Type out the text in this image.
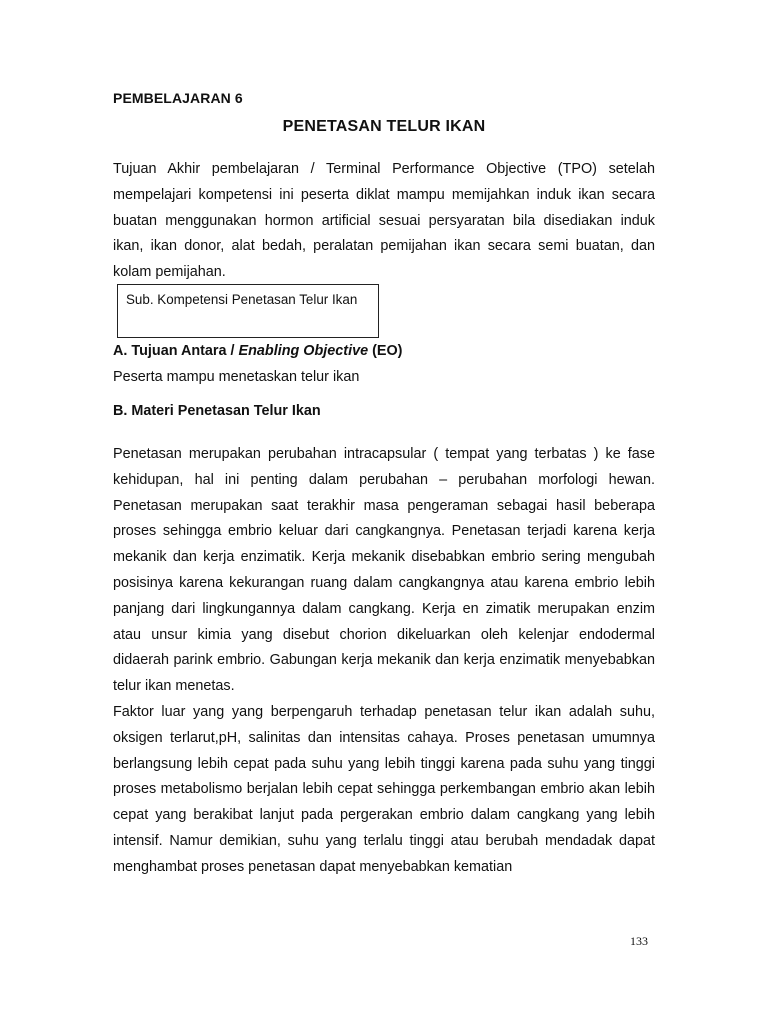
PEMBELAJARAN 6
PENETASAN TELUR IKAN

Tujuan Akhir pembelajaran / Terminal Performance Objective (TPO) setelah mempelajari kompetensi ini peserta diklat mampu memijahkan induk ikan secara buatan menggunakan hormon artificial sesuai persyaratan bila disediakan induk ikan, ikan donor, alat bedah, peralatan pemijahan ikan secara semi buatan, dan kolam pemijahan.

Sub. Kompetensi Penetasan Telur Ikan
A. Tujuan Antara / Enabling Objective (EO)
Peserta mampu menetaskan telur ikan
B. Materi Penetasan Telur Ikan

Penetasan merupakan perubahan intracapsular ( tempat yang terbatas ) ke fase kehidupan, hal ini penting dalam perubahan – perubahan morfologi hewan. Penetasan merupakan saat terakhir masa pengeraman sebagai hasil beberapa proses sehingga embrio keluar dari cangkangnya. Penetasan terjadi karena kerja mekanik dan kerja enzimatik. Kerja mekanik disebabkan embrio sering mengubah posisinya karena kekurangan ruang dalam cangkangnya atau karena embrio lebih panjang dari lingkungannya dalam cangkang. Kerja en zimatik merupakan enzim atau unsur kimia yang disebut chorion dikeluarkan oleh kelenjar endodermal didaerah parink embrio. Gabungan kerja mekanik dan kerja enzimatik menyebabkan telur ikan menetas.

Faktor luar yang yang berpengaruh terhadap penetasan telur ikan adalah suhu, oksigen terlarut,pH, salinitas dan intensitas cahaya. Proses penetasan umumnya berlangsung lebih cepat pada suhu yang lebih tinggi karena pada suhu yang tinggi proses metabolismo berjalan lebih cepat sehingga perkembangan embrio akan lebih cepat yang berakibat lanjut pada pergerakan embrio dalam cangkang yang lebih intensif. Namur demikian, suhu yang terlalu tinggi atau berubah mendadak dapat menghambat proses penetasan dapat menyebabkan kematian

133
